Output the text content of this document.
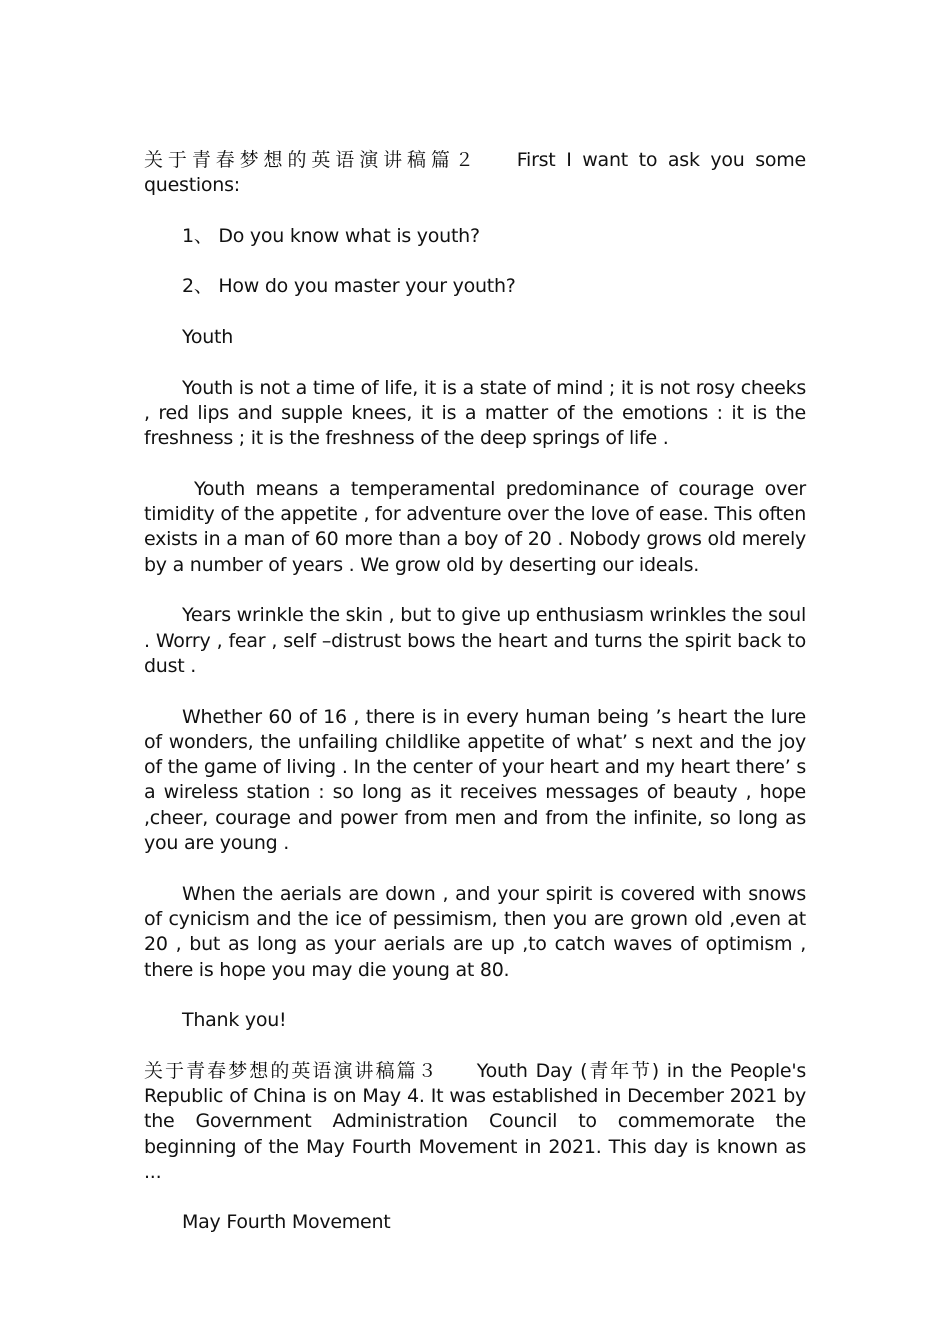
关于青春梦想的英语演讲稿篇２ First I want to ask you some questions:

1、 Do you know what is youth?

2、 How do you master your youth?

Youth

Youth is not a time of life, it is a state of mind ; it is not rosy cheeks , red lips and supple knees, it is a matter of the emotions : it is the freshness ; it is the freshness of the deep springs of life .

Youth means a temperamental predominance of courage over timidity of the appetite , for adventure over the love of ease. This often exists in a man of 60 more than a boy of 20 . Nobody grows old merely by a number of years . We grow old by deserting our ideals.

Years wrinkle the skin , but to give up enthusiasm wrinkles the soul . Worry , fear , self –distrust bows the heart and turns the spirit back to dust .

Whether 60 of 16 , there is in every human being ’s heart the lure of wonders, the unfailing childlike appetite of what’ s next and the joy of the game of living . In the center of your heart and my heart there’ s a wireless station : so long as it receives messages of beauty , hope ,cheer, courage and power from men and from the infinite, so long as you are young .

When the aerials are down , and your spirit is covered with snows of cynicism and the ice of pessimism, then you are grown old ,even at 20 , but as long as your aerials are up ,to catch waves of optimism , there is hope you may die young at 80.

Thank you!

关于青春梦想的英语演讲稿篇３ Youth Day (青年节) in the People's Republic of China is on May 4. It was established in December 2021 by the Government Administration Council to commemorate the beginning of the May Fourth Movement in 2021. This day is known as ...

May Fourth Movement
